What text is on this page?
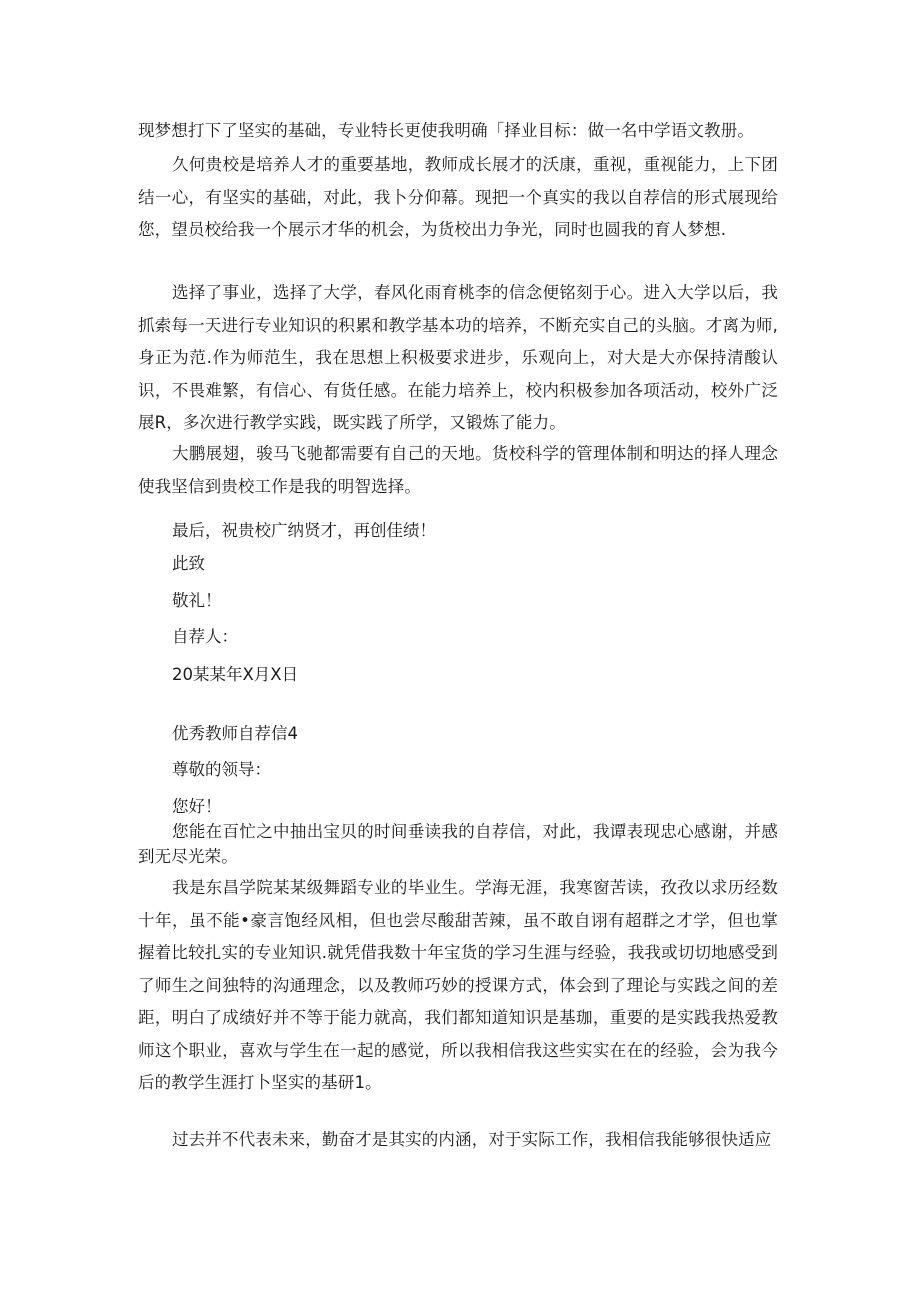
现梦想打下了坚实的基础，专业特长更使我明确「择业目标：做一名中学语文教册。

久何贵校是培养人才的重要基地，教师成长展才的沃康，重视，重视能力，上下团结一心，有坚实的基础，对此，我卜分仰幕。现把一个真实的我以自荐信的形式展现给您，望员校给我一个展示才华的机会，为货校出力争光，同时也圆我的育人梦想.

选择了事业，选择了大学，春风化雨育桃李的信念便铭刻于心。进入大学以后，我抓索每一天进行专业知识的积累和教学基本功的培养，不断充实自己的头脑。才离为师,身正为范.作为师范生，我在思想上积极要求进步，乐观向上，对大是大亦保持清酸认识，不畏难繁，有信心、有货任感。在能力培养上，校内积极参加各项活动，校外广泛展R，多次进行教学实践，既实践了所学，又锻炼了能力。

大鹏展翅，骏马飞驰都需要有自己的天地。货校科学的管理体制和明达的择人理念使我坚信到贵校工作是我的明智选择。

最后，祝贵校广纳贤才，再创佳绩！

此致

敬礼！

自荐人：

20某某年X月X日

优秀教师自荐信4

尊敬的领导：

您好！

您能在百忙之中抽出宝贝的时间垂读我的自荐信，对此，我谭表现忠心感谢，并感到无尽光荣。

我是东昌学院某某级舞蹈专业的毕业生。学海无涯，我寒窗苦读，孜孜以求历经数十年，虽不能•豪言饱经风相，但也尝尽酸甜苦辣，虽不敢自诩有超群之才学，但也掌握着比较扎实的专业知识.就凭借我数十年宝货的学习生涯与经验，我我或切切地感受到了师生之间独特的沟通理念，以及教师巧妙的授课方式，体会到了理论与实践之间的差距，明白了成绩好并不等于能力就高，我们都知道知识是基珈，重要的是实践我热爱教师这个职业，喜欢与学生在一起的感觉，所以我相信我这些实实在在的经验，会为我今后的教学生涯打卜坚实的基研1。

过去并不代表未来，勤奋才是其实的内涵，对于实际工作，我相信我能够很快适应
